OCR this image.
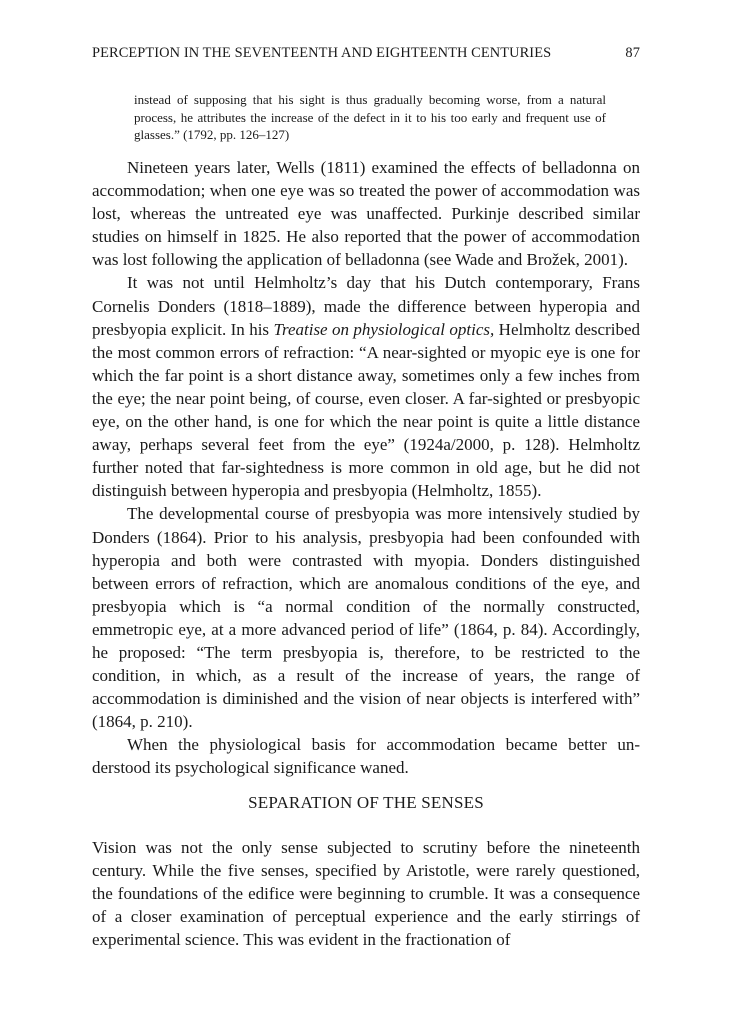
PERCEPTION IN THE SEVENTEENTH AND EIGHTEENTH CENTURIES	87
instead of supposing that his sight is thus gradually becoming worse, from a natural process, he attributes the increase of the defect in it to his too early and frequent use of glasses.” (1792, pp. 126–127)

Nineteen years later, Wells (1811) examined the effects of belladonna on accommodation; when one eye was so treated the power of accommodation was lost, whereas the untreated eye was unaffected. Purkinje described similar studies on himself in 1825. He also reported that the power of accommodation was lost following the application of belladonna (see Wade and Brožek, 2001).

It was not until Helmholtz’s day that his Dutch contemporary, Frans Cornelis Donders (1818–1889), made the difference between hyperopia and presbyopia explicit. In his Treatise on physiological optics, Helmholtz described the most common errors of refraction: “A near-sighted or myopic eye is one for which the far point is a short distance away, sometimes only a few inches from the eye; the near point being, of course, even closer. A far-sighted or presbyopic eye, on the other hand, is one for which the near point is quite a little distance away, perhaps several feet from the eye” (1924a/2000, p. 128). Helmholtz further noted that far-sightedness is more common in old age, but he did not distinguish between hyperopia and presbyopia (Helmholtz, 1855).

The developmental course of presbyopia was more intensively studied by Donders (1864). Prior to his analysis, presbyopia had been confounded with hyperopia and both were contrasted with myopia. Donders distinguished between errors of refraction, which are anomalous conditions of the eye, and presbyopia which is “a normal condition of the normally constructed, emmetropic eye, at a more advanced period of life” (1864, p. 84). Accordingly, he proposed: “The term presbyopia is, therefore, to be restricted to the condition, in which, as a result of the increase of years, the range of accommodation is diminished and the vision of near objects is interfered with” (1864, p. 210).

When the physiological basis for accommodation became better understood its psychological significance waned.

SEPARATION OF THE SENSES

Vision was not the only sense subjected to scrutiny before the nineteenth century. While the five senses, specified by Aristotle, were rarely questioned, the foundations of the edifice were beginning to crumble. It was a consequence of a closer examination of perceptual experience and the early stirrings of experimental science. This was evident in the fractionation of
